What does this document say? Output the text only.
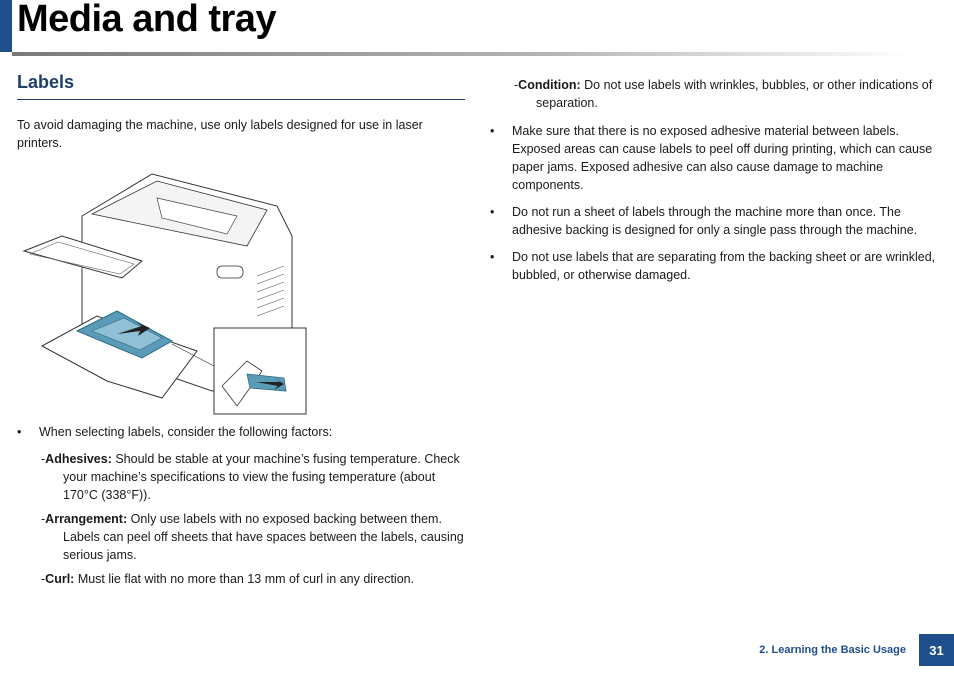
Media and tray
Labels

To avoid damaging the machine, use only labels designed for use in laser printers.

• When selecting labels, consider the following factors:

-Adhesives: Should be stable at your machine’s fusing temperature. Check your machine’s specifications to view the fusing temperature (about 170°C (338°F)).

-Arrangement: Only use labels with no exposed backing between them. Labels can peel off sheets that have spaces between the labels, causing serious jams.

-Curl: Must lie flat with no more than 13 mm of curl in any direction.

-Condition: Do not use labels with wrinkles, bubbles, or other indications of separation.

• Make sure that there is no exposed adhesive material between labels. Exposed areas can cause labels to peel off during printing, which can cause paper jams. Exposed adhesive can also cause damage to machine components.
• Do not run a sheet of labels through the machine more than once. The adhesive backing is designed for only a single pass through the machine.
• Do not use labels that are separating from the backing sheet or are wrinkled, bubbled, or otherwise damaged.
2. Learning the Basic Usage	31
